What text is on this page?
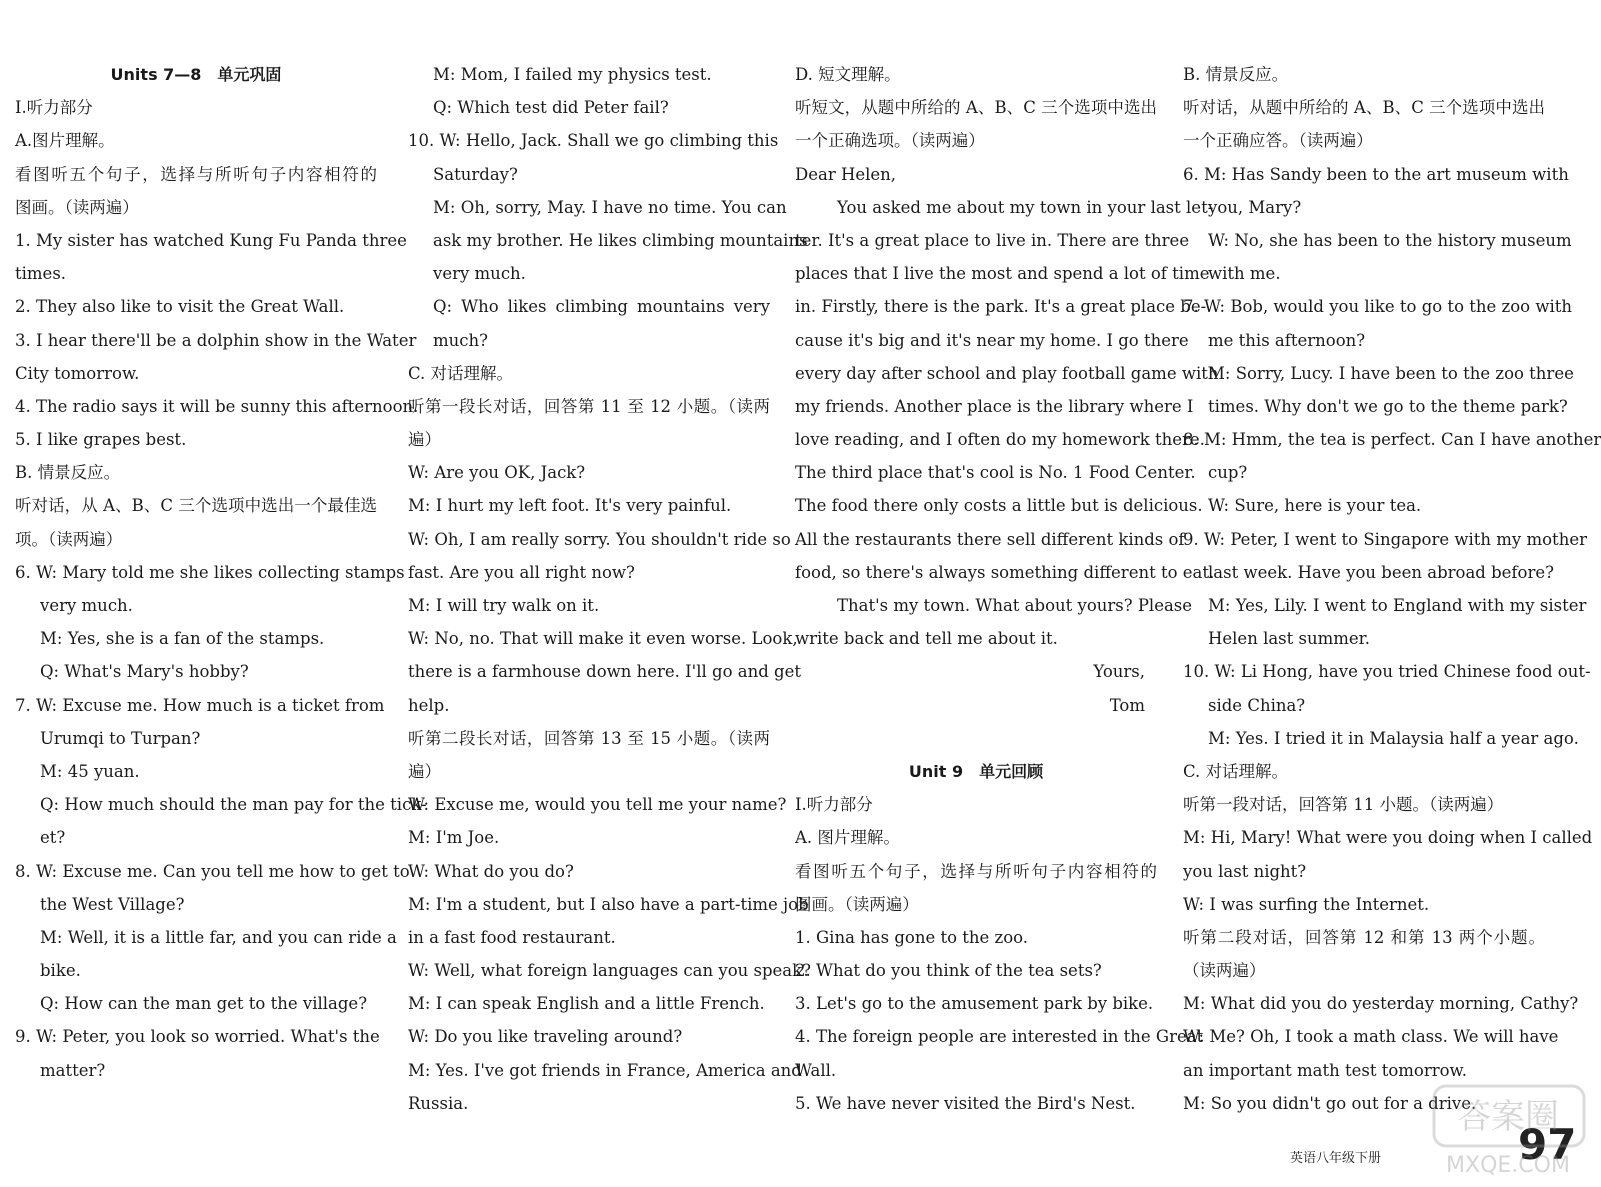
Units 7—8　单元巩固
Ⅰ.听力部分
A.图片理解。
看图听五个句子，选择与所听句子内容相符的
图画。（读两遍）
1. My sister has watched Kung Fu Panda three
times.
2. They also like to visit the Great Wall.
3. I hear there'll be a dolphin show in the Water
City tomorrow.
4. The radio says it will be sunny this afternoon.
5. I like grapes best.
B. 情景反应。
听对话，从 A、B、C 三个选项中选出一个最佳选
项。（读两遍）
6. W: Mary told me she likes collecting stamps
very much.
M: Yes, she is a fan of the stamps.
Q: What's Mary's hobby?
7. W: Excuse me. How much is a ticket from
Urumqi to Turpan?
M: 45 yuan.
Q: How much should the man pay for the tick-
et?
8. W: Excuse me. Can you tell me how to get to
the West Village?
M: Well, it is a little far, and you can ride a
bike.
Q: How can the man get to the village?
9. W: Peter, you look so worried. What's the
matter?
M: Mom, I failed my physics test.
Q: Which test did Peter fail?
10. W: Hello, Jack. Shall we go climbing this
Saturday?
M: Oh, sorry, May. I have no time. You can
ask my brother. He likes climbing mountains
very much.
Q: Who likes climbing mountains very
much?
C. 对话理解。
听第一段长对话，回答第 11 至 12 小题。（读两
遍）
W: Are you OK, Jack?
M: I hurt my left foot. It's very painful.
W: Oh, I am really sorry. You shouldn't ride so
fast. Are you all right now?
M: I will try walk on it.
W: No, no. That will make it even worse. Look,
there is a farmhouse down here. I'll go and get
help.
听第二段长对话，回答第 13 至 15 小题。（读两
遍）
W: Excuse me, would you tell me your name?
M: I'm Joe.
W: What do you do?
M: I'm a student, but I also have a part-time job
in a fast food restaurant.
W: Well, what foreign languages can you speak?
M: I can speak English and a little French.
W: Do you like traveling around?
M: Yes. I've got friends in France, America and
Russia.
D. 短文理解。
听短文，从题中所给的 A、B、C 三个选项中选出
一个正确选项。（读两遍）
Dear Helen,
You asked me about my town in your last let-
ter. It's a great place to live in. There are three
places that I live the most and spend a lot of time
in. Firstly, there is the park. It's a great place be-
cause it's big and it's near my home. I go there
every day after school and play football game with
my friends. Another place is the library where I
love reading, and I often do my homework there.
The third place that's cool is No. 1 Food Center.
The food there only costs a little but is delicious.
All the restaurants there sell different kinds of
food, so there's always something different to eat.
That's my town. What about yours? Please
write back and tell me about it.
Yours,
Tom
Unit 9　单元回顾
Ⅰ.听力部分
A. 图片理解。
看图听五个句子，选择与所听句子内容相符的
图画。（读两遍）
1. Gina has gone to the zoo.
2. What do you think of the tea sets?
3. Let's go to the amusement park by bike.
4. The foreign people are interested in the Great
Wall.
5. We have never visited the Bird's Nest.
B. 情景反应。
听对话，从题中所给的 A、B、C 三个选项中选出
一个正确应答。（读两遍）
6. M: Has Sandy been to the art museum with
you, Mary?
W: No, she has been to the history museum
with me.
7. W: Bob, would you like to go to the zoo with
me this afternoon?
M: Sorry, Lucy. I have been to the zoo three
times. Why don't we go to the theme park?
8. M: Hmm, the tea is perfect. Can I have another
cup?
W: Sure, here is your tea.
9. W: Peter, I went to Singapore with my mother
last week. Have you been abroad before?
M: Yes, Lily. I went to England with my sister
Helen last summer.
10. W: Li Hong, have you tried Chinese food out-
side China?
M: Yes. I tried it in Malaysia half a year ago.
C. 对话理解。
听第一段对话，回答第 11 小题。（读两遍）
M: Hi, Mary! What were you doing when I called
you last night?
W: I was surfing the Internet.
听第二段对话，回答第 12 和第 13 两个小题。
（读两遍）
M: What did you do yesterday morning, Cathy?
W: Me? Oh, I took a math class. We will have
an important math test tomorrow.
M: So you didn't go out for a drive.
英语八年级下册	97
答案圈
MXQE.COM
